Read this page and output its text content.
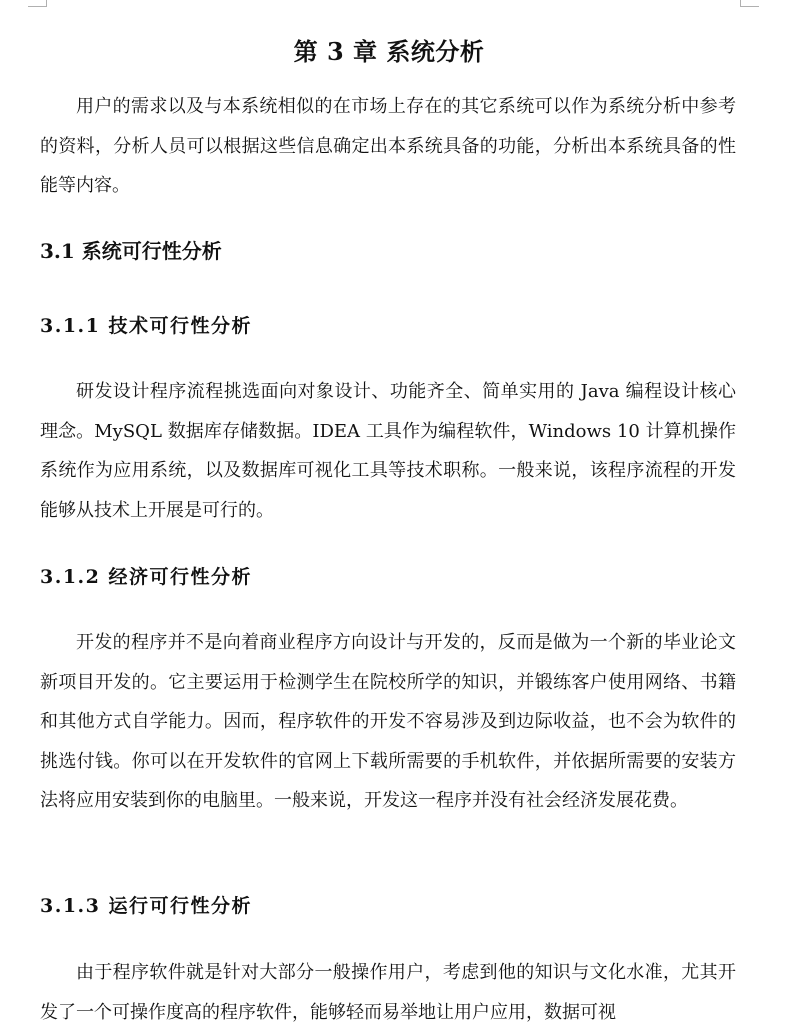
第 3 章 系统分析

用户的需求以及与本系统相似的在市场上存在的其它系统可以作为系统分析中参考的资料，分析人员可以根据这些信息确定出本系统具备的功能，分析出本系统具备的性能等内容。

3.1 系统可行性分析
3.1.1 技术可行性分析

研发设计程序流程挑选面向对象设计、功能齐全、简单实用的 Java 编程设计核心理念。MySQL 数据库存储数据。IDEA 工具作为编程软件，Windows 10 计算机操作系统作为应用系统，以及数据库可视化工具等技术职称。一般来说，该程序流程的开发能够从技术上开展是可行的。

3.1.2 经济可行性分析

开发的程序并不是向着商业程序方向设计与开发的，反而是做为一个新的毕业论文新项目开发的。它主要运用于检测学生在院校所学的知识，并锻练客户使用网络、书籍和其他方式自学能力。因而，程序软件的开发不容易涉及到边际收益，也不会为软件的挑选付钱。你可以在开发软件的官网上下载所需要的手机软件，并依据所需要的安装方法将应用安装到你的电脑里。一般来说，开发这一程序并没有社会经济发展花费。

3.1.3 运行可行性分析

由于程序软件就是针对大部分一般操作用户，考虑到他的知识与文化水准，尤其开发了一个可操作度高的程序软件，能够轻而易举地让用户应用，数据可视
